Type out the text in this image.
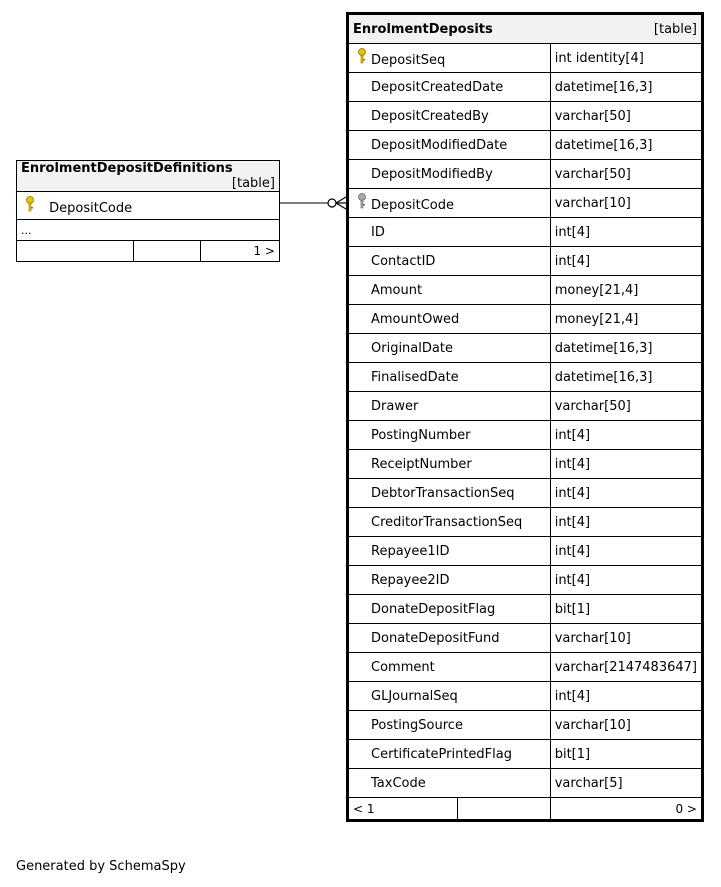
EnrolmentDepositDefinitions
[table]

DepositCode
...
		1 >
EnrolmentDeposits [table]		

DepositSeq		int identity[4]
DepositCreatedDate		datetime[16,3]
DepositCreatedBy		varchar[50]
DepositModifiedDate		datetime[16,3]
DepositModifiedBy		varchar[50]
DepositCode		varchar[10]
ID		int[4]
ContactID		int[4]
Amount		money[21,4]
AmountOwed		money[21,4]
OriginalDate		datetime[16,3]
FinalisedDate		datetime[16,3]
Drawer		varchar[50]
PostingNumber		int[4]
ReceiptNumber		int[4]
DebtorTransactionSeq		int[4]
CreditorTransactionSeq		int[4]
Repayee1ID		int[4]
Repayee2ID		int[4]
DonateDepositFlag		bit[1]
DonateDepositFund		varchar[10]
Comment		varchar[2147483647]
GLJournalSeq		int[4]
PostingSource		varchar[10]
CertificatePrintedFlag		bit[1]
TaxCode		varchar[5]
< 1		0 >
Generated by SchemaSpy
